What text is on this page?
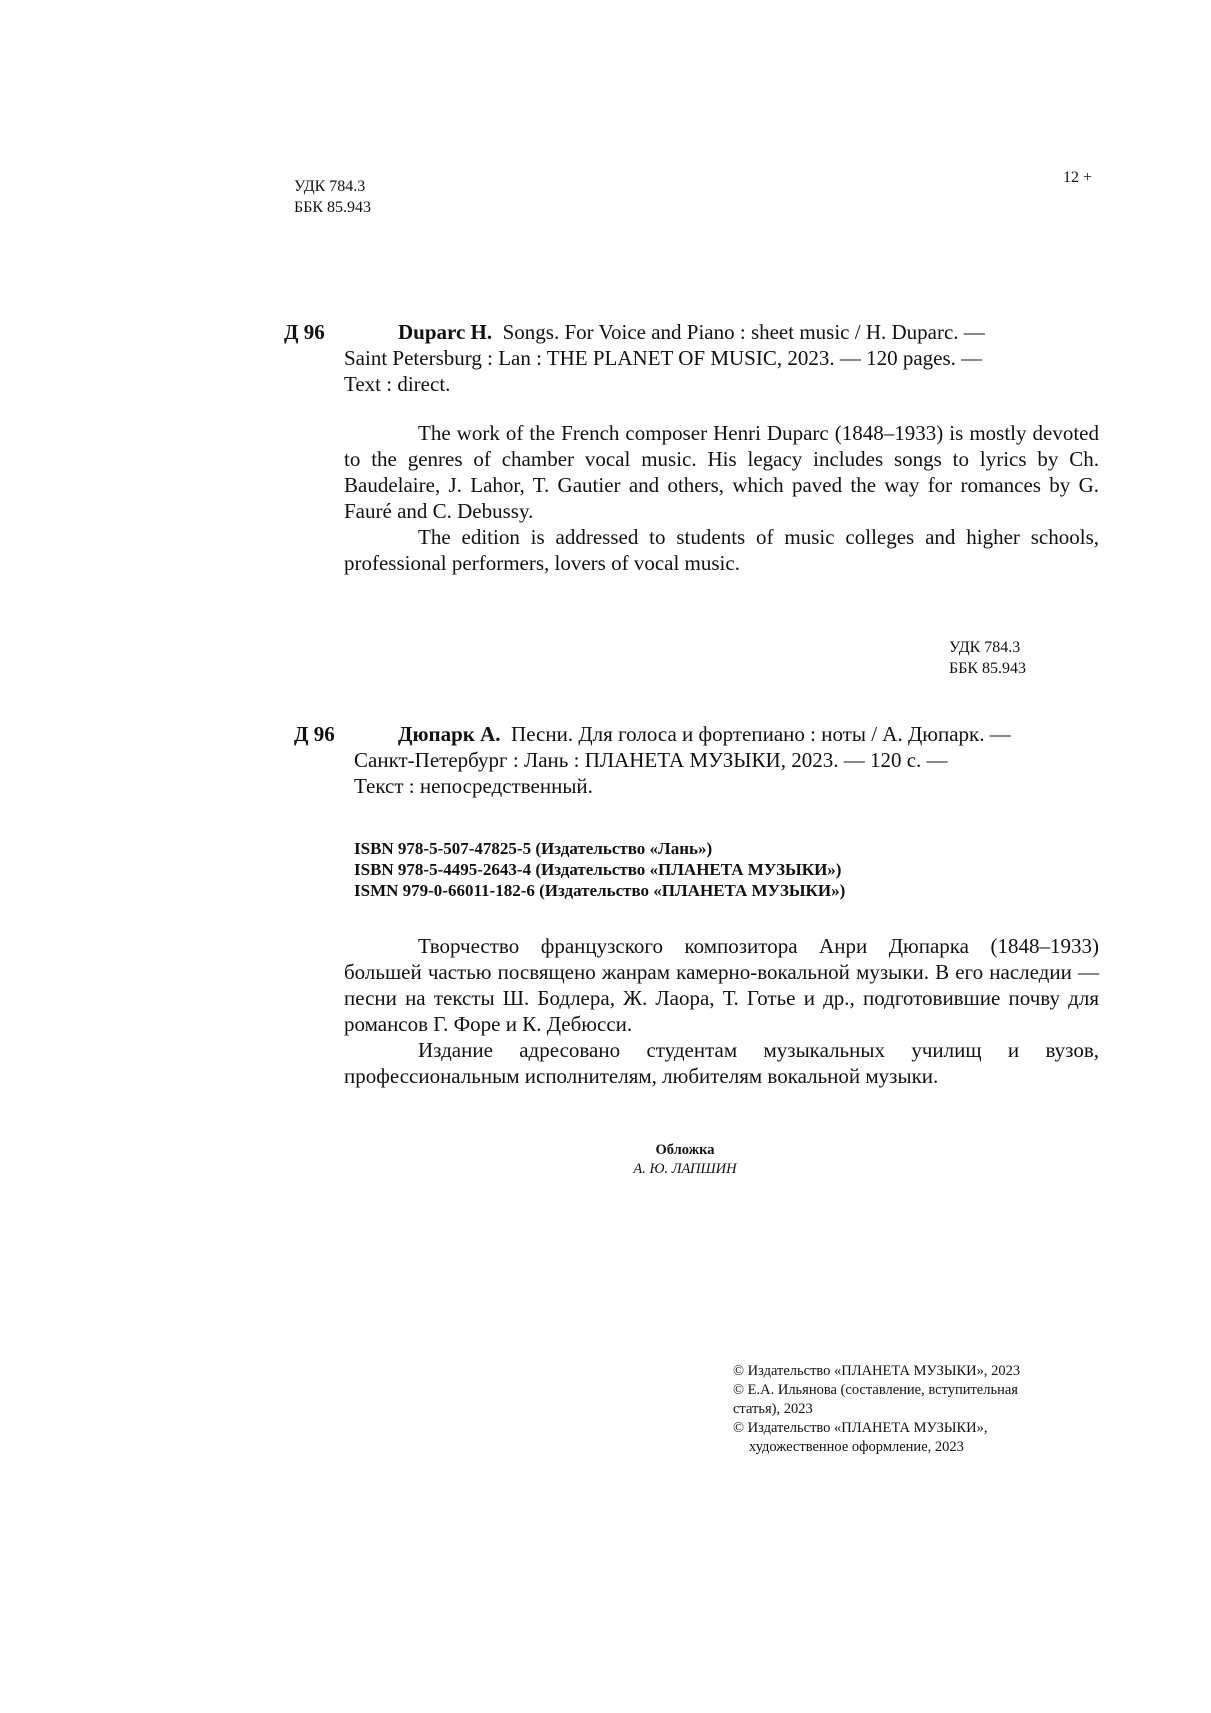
УДК 784.3
ББК 85.943
12 +
Д 96	Duparc H. Songs. For Voice and Piano : sheet music / H. Duparc. —
Saint Petersburg : Lan : THE PLANET OF MUSIC, 2023. — 120 pages. —
Text : direct.

The work of the French composer Henri Duparc (1848–1933) is mostly devoted to the genres of chamber vocal music. His legacy includes songs to lyrics by Ch. Baudelaire, J. Lahor, T. Gautier and others, which paved the way for romances by G. Fauré and C. Debussy.

The edition is addressed to students of music colleges and higher schools, professional performers, lovers of vocal music.

УДК 784.3
ББК 85.943
Д 96	Дюпарк А. Песни. Для голоса и фортепиано : ноты / А. Дюпарк. —
Санкт-Петербург : Лань : ПЛАНЕТА МУЗЫКИ, 2023. — 120 с. —
Текст : непосредственный.
ISBN 978-5-507-47825-5 (Издательство «Лань»)
ISBN 978-5-4495-2643-4 (Издательство «ПЛАНЕТА МУЗЫКИ»)
ISMN 979-0-66011-182-6 (Издательство «ПЛАНЕТА МУЗЫКИ»)

Творчество французского композитора Анри Дюпарка (1848–1933) большей частью посвящено жанрам камерно-вокальной музыки. В его наследии — песни на тексты Ш. Бодлера, Ж. Лаора, Т. Готье и др., подготовившие почву для романсов Г. Форе и К. Дебюсси.

Издание адресовано студентам музыкальных училищ и вузов, профессиональным исполнителям, любителям вокальной музыки.

Обложка
А. Ю. ЛАПШИН
© Издательство «ПЛАНЕТА МУЗЫКИ», 2023
© Е.А. Ильянова (составление, вступительная
статья), 2023
© Издательство «ПЛАНЕТА МУЗЫКИ»,
художественное оформление, 2023
